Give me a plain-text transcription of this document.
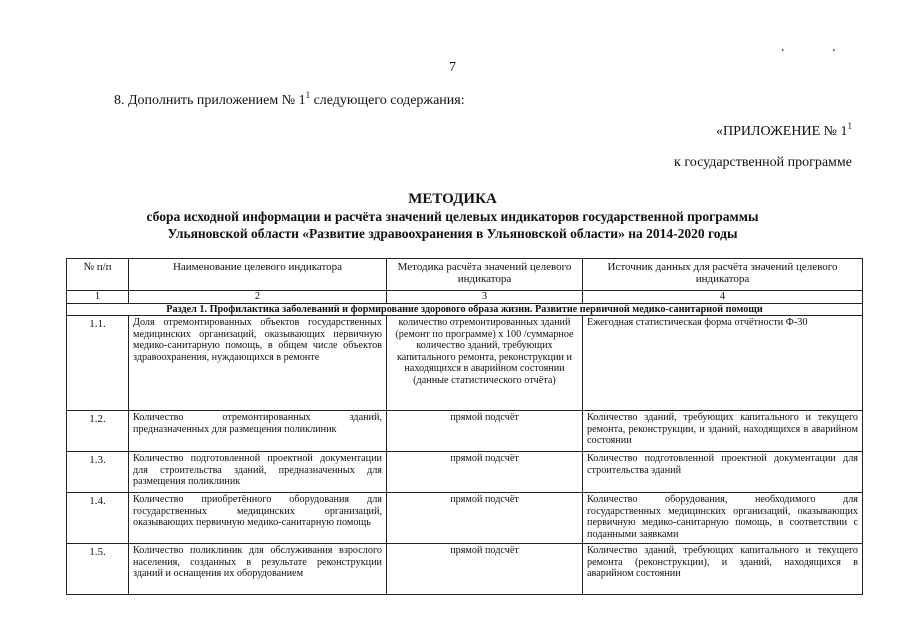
. .
7
8. Дополнить приложением № $1^1$ следующего содержания:
«ПРИЛОЖЕНИЕ № $1^1$
к государственной программе
МЕТОДИКА
сбора исходной информации и расчёта значений целевых индикаторов государственной программы
Ульяновской области «Развитие здравоохранения в Ульяновской области» на 2014-2020 годы
№ п/п	Наименование целевого индикатора	Методика расчёта значений целевого индикатора	Источник данных для расчёта значений целевого индикатора
1	2	3	4
Раздел 1. Профилактика заболеваний и формирование здорового образа жизни. Развитие первичной медико-санитарной помощи			
1.1.	Доля отремонтированных объектов государственных медицинских организаций, оказывающих первичную медико-санитарную помощь, в общем числе объектов здравоохранения, нуждающихся в ремонте	количество отремонтированных зданий (ремонт по программе) х 100 /суммарное количество зданий, требующих капитального ремонта, реконструкции и находящихся в аварийном состоянии (данные статистического отчёта)	Ежегодная статистическая форма отчётности Ф-30
1.2.	Количество отремонтированных зданий, предназначенных для размещения поликлиник	прямой подсчёт	Количество зданий, требующих капитального и текущего ремонта, реконструкции, и зданий, находящихся в аварийном состоянии
1.3.	Количество подготовленной проектной документации для строительства зданий, предназначенных для размещения поликлиник	прямой подсчёт	Количество подготовленной проектной документации для строительства зданий
1.4.	Количество приобретённого оборудования для государственных медицинских организаций, оказывающих первичную медико-санитарную помощь	прямой подсчёт	Количество оборудования, необходимого для государственных медицинских организаций, оказывающих первичную медико-санитарную помощь, в соответствии с поданными заявками
1.5.	Количество поликлиник для обслуживания взрослого населения, созданных в результате реконструкции зданий и оснащения их оборудованием	прямой подсчёт	Количество зданий, требующих капитального и текущего ремонта (реконструкции), и зданий, находящихся в аварийном состоянии
